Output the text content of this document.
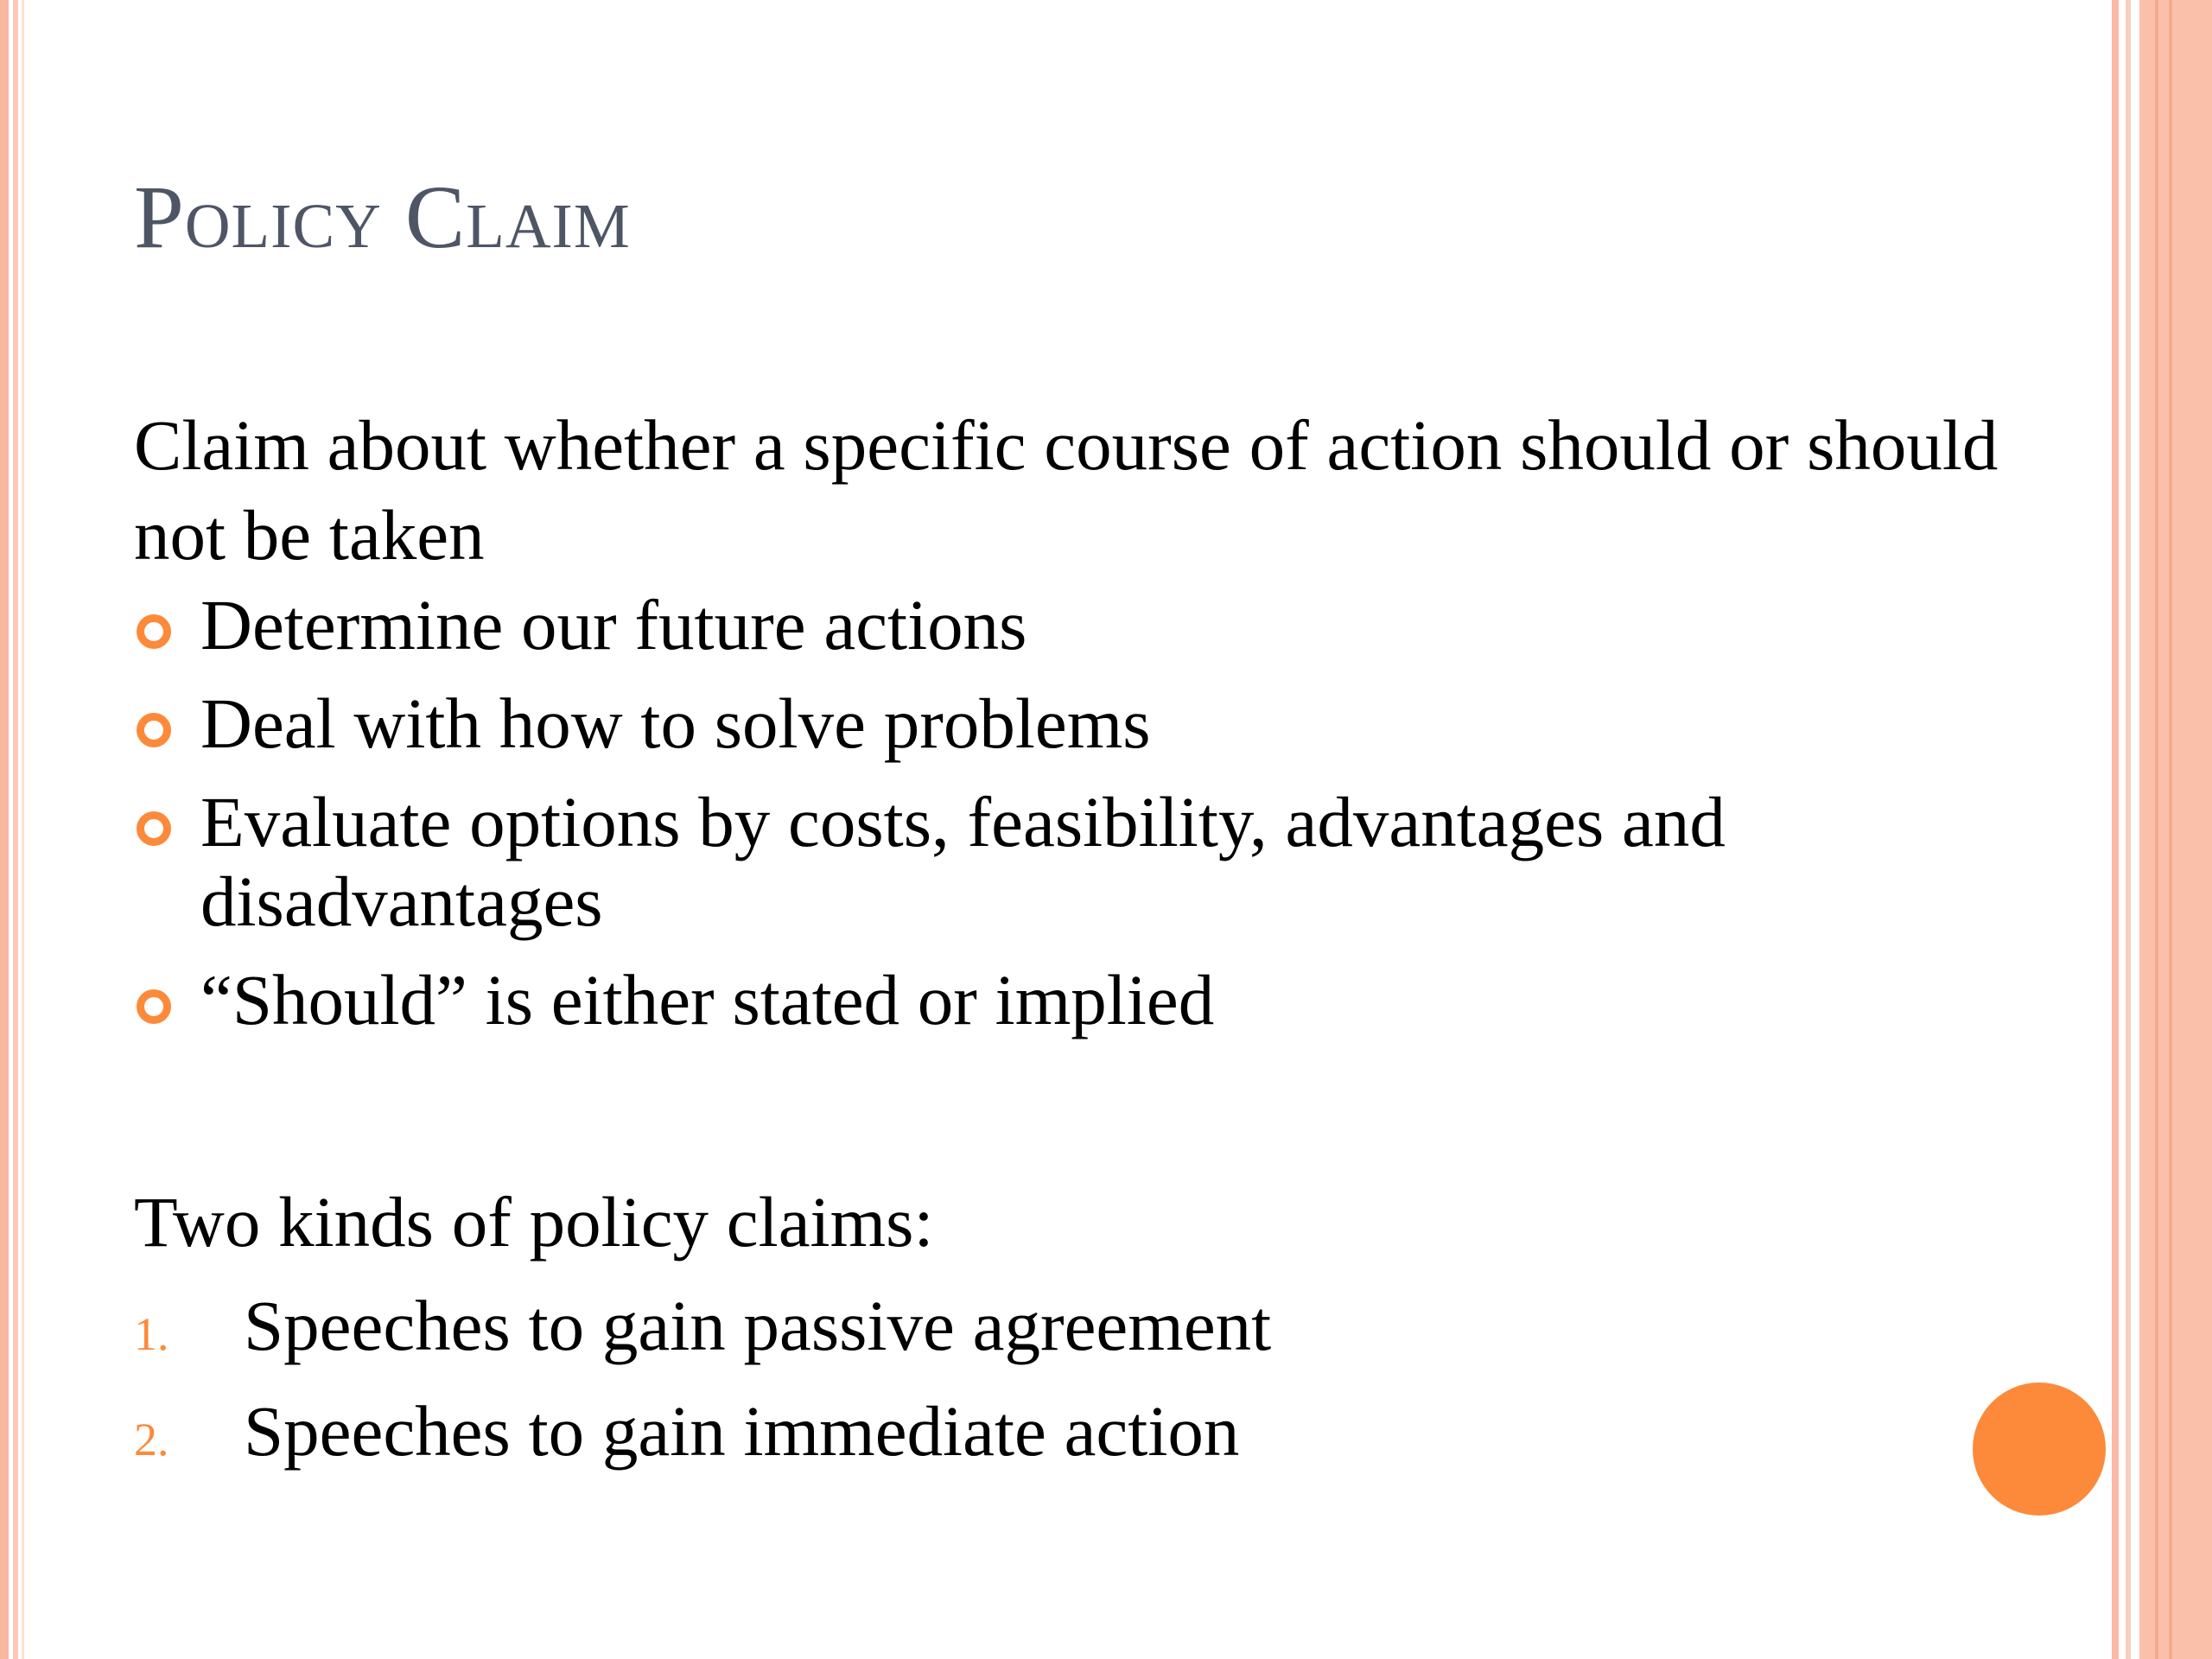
Policy Claim
Claim about whether a specific course of action should or should not be taken
Determine our future actions
Deal with how to solve problems
Evaluate options by costs, feasibility, advantages and disadvantages
“Should” is either stated or implied
Two kinds of policy claims:
1. Speeches to gain passive agreement
2. Speeches to gain immediate action
